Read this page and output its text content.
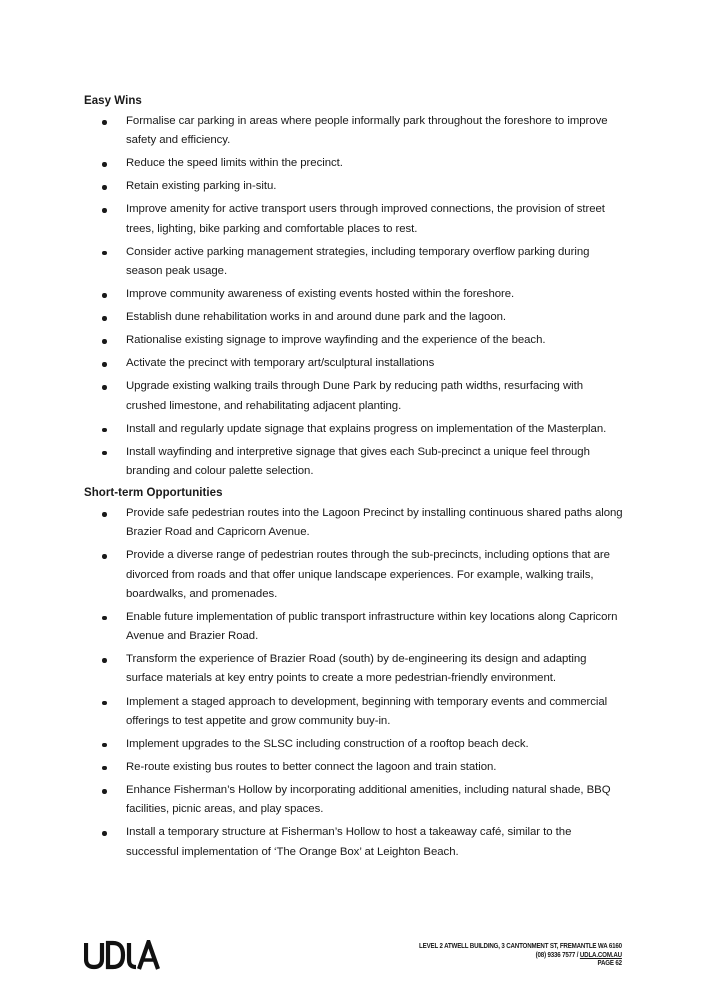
Easy Wins
Formalise car parking in areas where people informally park throughout the foreshore to improve safety and efficiency.
Reduce the speed limits within the precinct.
Retain existing parking in-situ.
Improve amenity for active transport users through improved connections, the provision of street trees, lighting, bike parking and comfortable places to rest.
Consider active parking management strategies, including temporary overflow parking during season peak usage.
Improve community awareness of existing events hosted within the foreshore.
Establish dune rehabilitation works in and around dune park and the lagoon.
Rationalise existing signage to improve wayfinding and the experience of the beach.
Activate the precinct with temporary art/sculptural installations
Upgrade existing walking trails through Dune Park by reducing path widths, resurfacing with crushed limestone, and rehabilitating adjacent planting.
Install and regularly update signage that explains progress on implementation of the Masterplan.
Install wayfinding and interpretive signage that gives each Sub-precinct a unique feel through branding and colour palette selection.
Short-term Opportunities
Provide safe pedestrian routes into the Lagoon Precinct by installing continuous shared paths along Brazier Road and Capricorn Avenue.
Provide a diverse range of pedestrian routes through the sub-precincts, including options that are divorced from roads and that offer unique landscape experiences. For example, walking trails, boardwalks, and promenades.
Enable future implementation of public transport infrastructure within key locations along Capricorn Avenue and Brazier Road.
Transform the experience of Brazier Road (south) by de-engineering its design and adapting surface materials at key entry points to create a more pedestrian-friendly environment.
Implement a staged approach to development, beginning with temporary events and commercial offerings to test appetite and grow community buy-in.
Implement upgrades to the SLSC including construction of a rooftop beach deck.
Re-route existing bus routes to better connect the lagoon and train station.
Enhance Fisherman’s Hollow by incorporating additional amenities, including natural shade, BBQ facilities, picnic areas, and play spaces.
Install a temporary structure at Fisherman’s Hollow to host a takeaway café, similar to the successful implementation of ‘The Orange Box’ at Leighton Beach.
LEVEL 2 ATWELL BUILDING, 3 CANTONMENT ST, FREMANTLE WA 6160
(08) 9336 7577 / UDLA.COM.AU
PAGE 62
